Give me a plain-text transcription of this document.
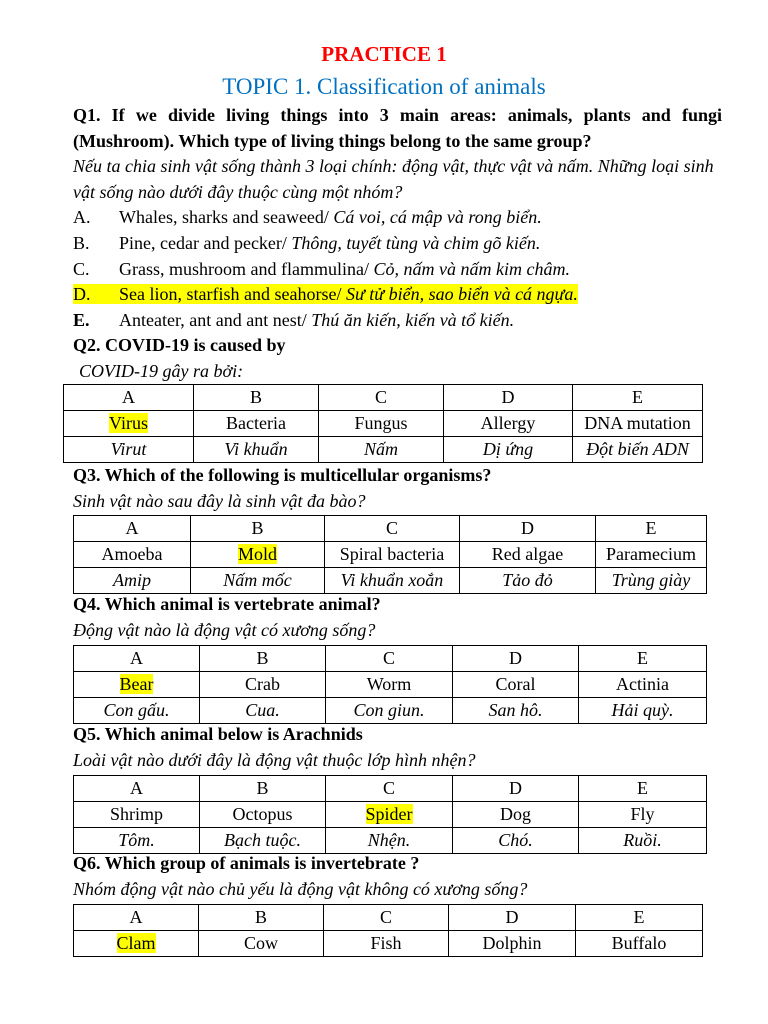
PRACTICE 1
TOPIC 1. Classification of animals

Q1. If we divide living things into 3 main areas: animals, plants and fungi (Mushroom). Which type of living things belong to the same group?

Nếu ta chia sinh vật sống thành 3 loại chính: động vật, thực vật và nấm. Những loại sinh vật sống nào dưới đây thuộc cùng một nhóm?

A. Whales, sharks and seaweed/ Cá voi, cá mập và rong biển.
B. Pine, cedar and pecker/ Thông, tuyết tùng và chim gõ kiến.
C. Grass, mushroom and flammulina/ Cỏ, nấm và nấm kim châm.
D. Sea lion, starfish and seahorse/ Sư tử biển, sao biển và cá ngựa.
E. Anteater, ant and ant nest/ Thú ăn kiến, kiến và tổ kiến.

Q2. COVID-19 is caused by

COVID-19 gây ra bởi:

A	B	C	D	E
Virus	Bacteria	Fungus	Allergy	DNA mutation
Virut	Vi khuẩn	Nấm	Dị ứng	Đột biến ADN

Q3. Which of the following is multicellular organisms?

Sinh vật nào sau đây là sinh vật đa bào?

A	B	C	D	E
Amoeba	Mold	Spiral bacteria	Red algae	Paramecium
Amip	Nấm mốc	Vi khuẩn xoắn	Tảo đỏ	Trùng giày

Q4. Which animal is vertebrate animal?

Động vật nào là động vật có xương sống?

A	B	C	D	E
Bear	Crab	Worm	Coral	Actinia
Con gấu.	Cua.	Con giun.	San hô.	Hải quỳ.

Q5. Which animal below is Arachnids

Loài vật nào dưới đây là động vật thuộc lớp hình nhện?

A	B	C	D	E
Shrimp	Octopus	Spider	Dog	Fly
Tôm.	Bạch tuộc.	Nhện.	Chó.	Ruồi.

Q6. Which group of animals is invertebrate ?

Nhóm động vật nào chủ yếu là động vật không có xương sống?

A	B	C	D	E
Clam	Cow	Fish	Dolphin	Buffalo
